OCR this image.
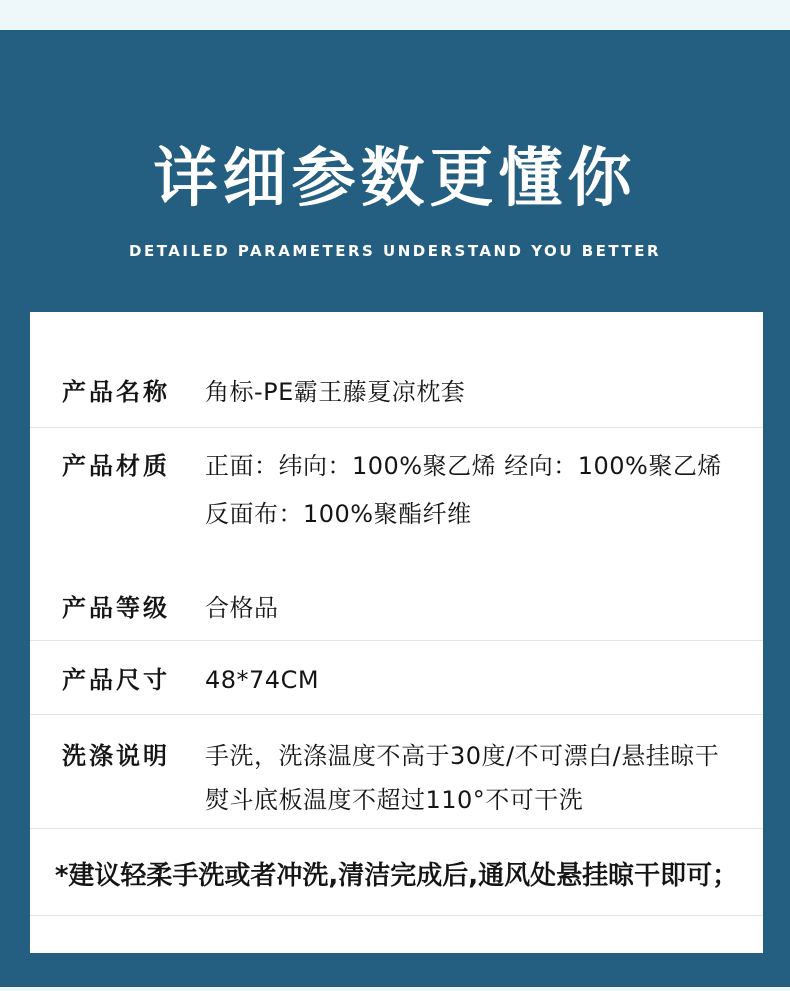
详细参数更懂你
DETAILED PARAMETERS UNDERSTAND YOU BETTER
产品名称	角标-PE霸王藤夏凉枕套
产品材质	正面：纬向：100%聚乙烯 经向：100%聚乙烯
反面布：100%聚酯纤维
产品等级	合格品
产品尺寸	48*74CM
洗涤说明	手洗，洗涤温度不高于30度/不可漂白/悬挂晾干
熨斗底板温度不超过110°不可干洗
*建议轻柔手洗或者冲洗,清洁完成后,通风处悬挂晾干即可；
